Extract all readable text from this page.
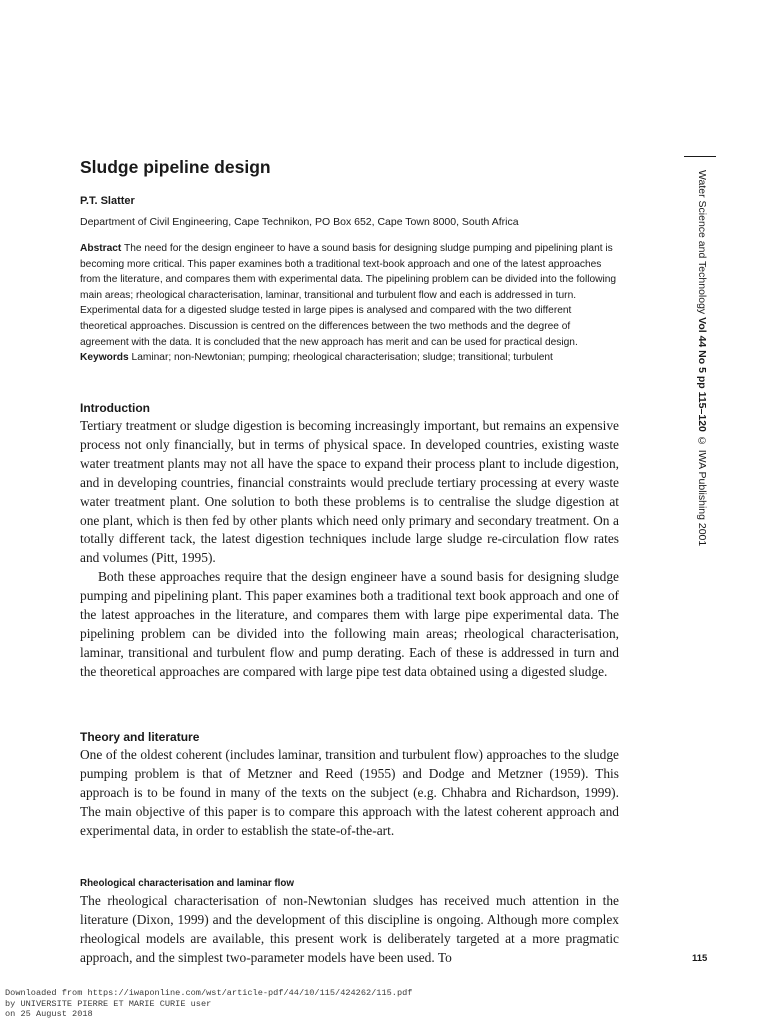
Sludge pipeline design
P.T. Slatter
Department of Civil Engineering, Cape Technikon, PO Box 652, Cape Town 8000, South Africa

Abstract The need for the design engineer to have a sound basis for designing sludge pumping and pipelining plant is becoming more critical. This paper examines both a traditional text-book approach and one of the latest approaches from the literature, and compares them with experimental data. The pipelining problem can be divided into the following main areas; rheological characterisation, laminar, transitional and turbulent flow and each is addressed in turn. Experimental data for a digested sludge tested in large pipes is analysed and compared with the two different theoretical approaches. Discussion is centred on the differences between the two methods and the degree of agreement with the data. It is concluded that the new approach has merit and can be used for practical design.
Keywords Laminar; non-Newtonian; pumping; rheological characterisation; sludge; transitional; turbulent

Introduction
Tertiary treatment or sludge digestion is becoming increasingly important, but remains an expensive process not only financially, but in terms of physical space. In developed countries, existing waste water treatment plants may not all have the space to expand their process plant to include digestion, and in developing countries, financial constraints would preclude tertiary processing at every waste water treatment plant. One solution to both these problems is to centralise the sludge digestion at one plant, which is then fed by other plants which need only primary and secondary treatment. On a totally different tack, the latest digestion techniques include large sludge re-circulation flow rates and volumes (Pitt, 1995).
Both these approaches require that the design engineer have a sound basis for designing sludge pumping and pipelining plant. This paper examines both a traditional text book approach and one of the latest approaches in the literature, and compares them with large pipe experimental data. The pipelining problem can be divided into the following main areas; rheological characterisation, laminar, transitional and turbulent flow and pump derating. Each of these is addressed in turn and the theoretical approaches are compared with large pipe test data obtained using a digested sludge.
Theory and literature
One of the oldest coherent (includes laminar, transition and turbulent flow) approaches to the sludge pumping problem is that of Metzner and Reed (1955) and Dodge and Metzner (1959). This approach is to be found in many of the texts on the subject (e.g. Chhabra and Richardson, 1999). The main objective of this paper is to compare this approach with the latest coherent approach and experimental data, in order to establish the state-of-the-art.
Rheological characterisation and laminar flow
The rheological characterisation of non-Newtonian sludges has received much attention in the literature (Dixon, 1999) and the development of this discipline is ongoing. Although more complex rheological models are available, this present work is deliberately targeted at a more pragmatic approach, and the simplest two-parameter models have been used. To
Water Science and Technology Vol 44 No 5 pp 115–120 © IWA Publishing 2001
115
Downloaded from https://iwaponline.com/wst/article-pdf/44/10/115/424262/115.pdf
by UNIVERSITE PIERRE ET MARIE CURIE user
on 25 August 2018
